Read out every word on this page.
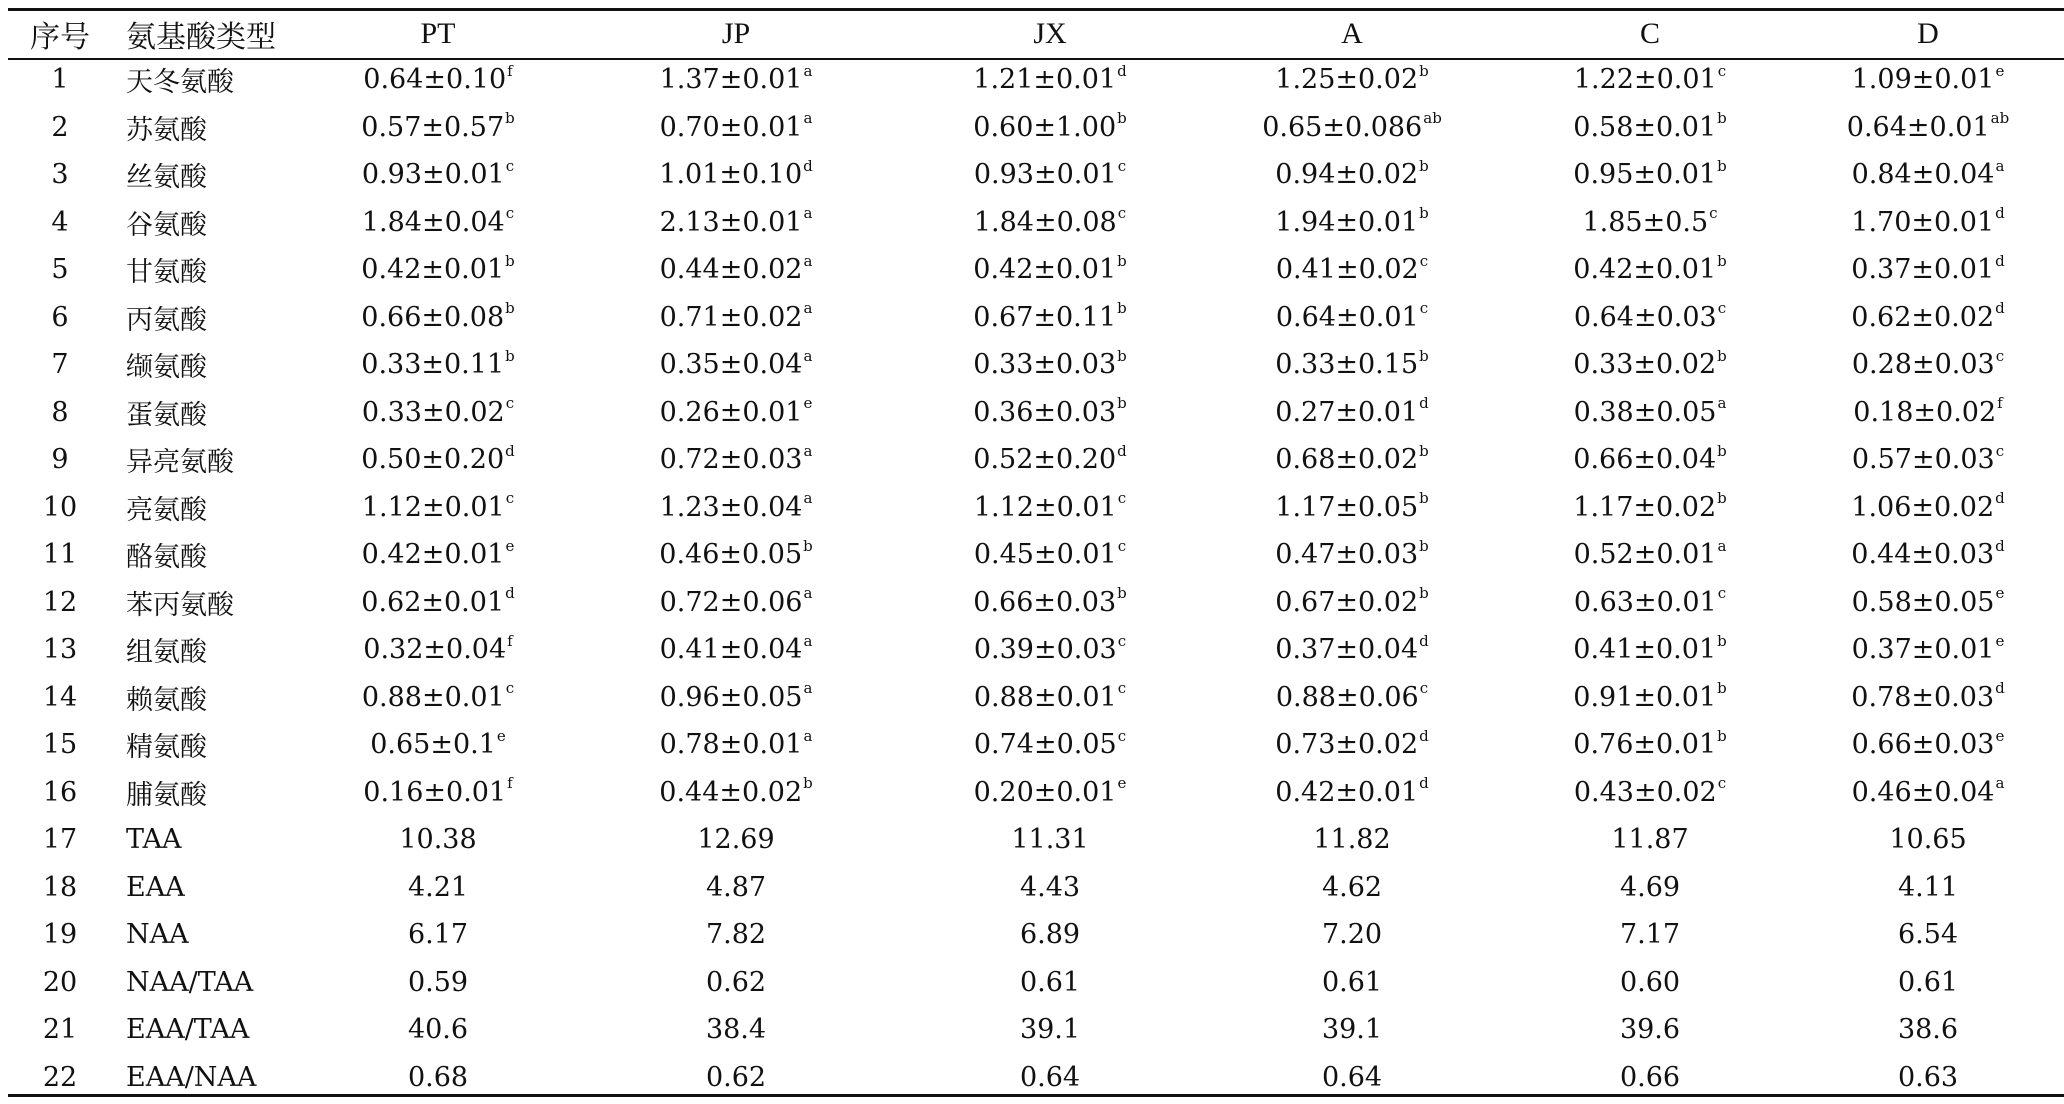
序号	氨基酸类型	PT	JP	JX	A	C	D
1	天冬氨酸	0.64±0.10$^f$	1.37±0.01$^a$	1.21±0.01$^d$	1.25±0.02$^b$	1.22±0.01$^c$	1.09±0.01$^e$
2	苏氨酸	0.57±0.57$^b$	0.70±0.01$^a$	0.60±1.00$^b$	0.65±0.086$^{ab}$	0.58±0.01$^b$	0.64±0.01$^{ab}$
3	丝氨酸	0.93±0.01$^c$	1.01±0.10$^d$	0.93±0.01$^c$	0.94±0.02$^b$	0.95±0.01$^b$	0.84±0.04$^a$
4	谷氨酸	1.84±0.04$^c$	2.13±0.01$^a$	1.84±0.08$^c$	1.94±0.01$^b$	1.85±0.5$^c$	1.70±0.01$^d$
5	甘氨酸	0.42±0.01$^b$	0.44±0.02$^a$	0.42±0.01$^b$	0.41±0.02$^c$	0.42±0.01$^b$	0.37±0.01$^d$
6	丙氨酸	0.66±0.08$^b$	0.71±0.02$^a$	0.67±0.11$^b$	0.64±0.01$^c$	0.64±0.03$^c$	0.62±0.02$^d$
7	缬氨酸	0.33±0.11$^b$	0.35±0.04$^a$	0.33±0.03$^b$	0.33±0.15$^b$	0.33±0.02$^b$	0.28±0.03$^c$
8	蛋氨酸	0.33±0.02$^c$	0.26±0.01$^e$	0.36±0.03$^b$	0.27±0.01$^d$	0.38±0.05$^a$	0.18±0.02$^f$
9	异亮氨酸	0.50±0.20$^d$	0.72±0.03$^a$	0.52±0.20$^d$	0.68±0.02$^b$	0.66±0.04$^b$	0.57±0.03$^c$
10	亮氨酸	1.12±0.01$^c$	1.23±0.04$^a$	1.12±0.01$^c$	1.17±0.05$^b$	1.17±0.02$^b$	1.06±0.02$^d$
11	酪氨酸	0.42±0.01$^e$	0.46±0.05$^b$	0.45±0.01$^c$	0.47±0.03$^b$	0.52±0.01$^a$	0.44±0.03$^d$
12	苯丙氨酸	0.62±0.01$^d$	0.72±0.06$^a$	0.66±0.03$^b$	0.67±0.02$^b$	0.63±0.01$^c$	0.58±0.05$^e$
13	组氨酸	0.32±0.04$^f$	0.41±0.04$^a$	0.39±0.03$^c$	0.37±0.04$^d$	0.41±0.01$^b$	0.37±0.01$^e$
14	赖氨酸	0.88±0.01$^c$	0.96±0.05$^a$	0.88±0.01$^c$	0.88±0.06$^c$	0.91±0.01$^b$	0.78±0.03$^d$
15	精氨酸	0.65±0.1$^e$	0.78±0.01$^a$	0.74±0.05$^c$	0.73±0.02$^d$	0.76±0.01$^b$	0.66±0.03$^e$
16	脯氨酸	0.16±0.01$^f$	0.44±0.02$^b$	0.20±0.01$^e$	0.42±0.01$^d$	0.43±0.02$^c$	0.46±0.04$^a$
17	TAA	10.38	12.69	11.31	11.82	11.87	10.65
18	EAA	4.21	4.87	4.43	4.62	4.69	4.11
19	NAA	6.17	7.82	6.89	7.20	7.17	6.54
20	NAA/TAA	0.59	0.62	0.61	0.61	0.60	0.61
21	EAA/TAA	40.6	38.4	39.1	39.1	39.6	38.6
22	EAA/NAA	0.68	0.62	0.64	0.64	0.66	0.63
